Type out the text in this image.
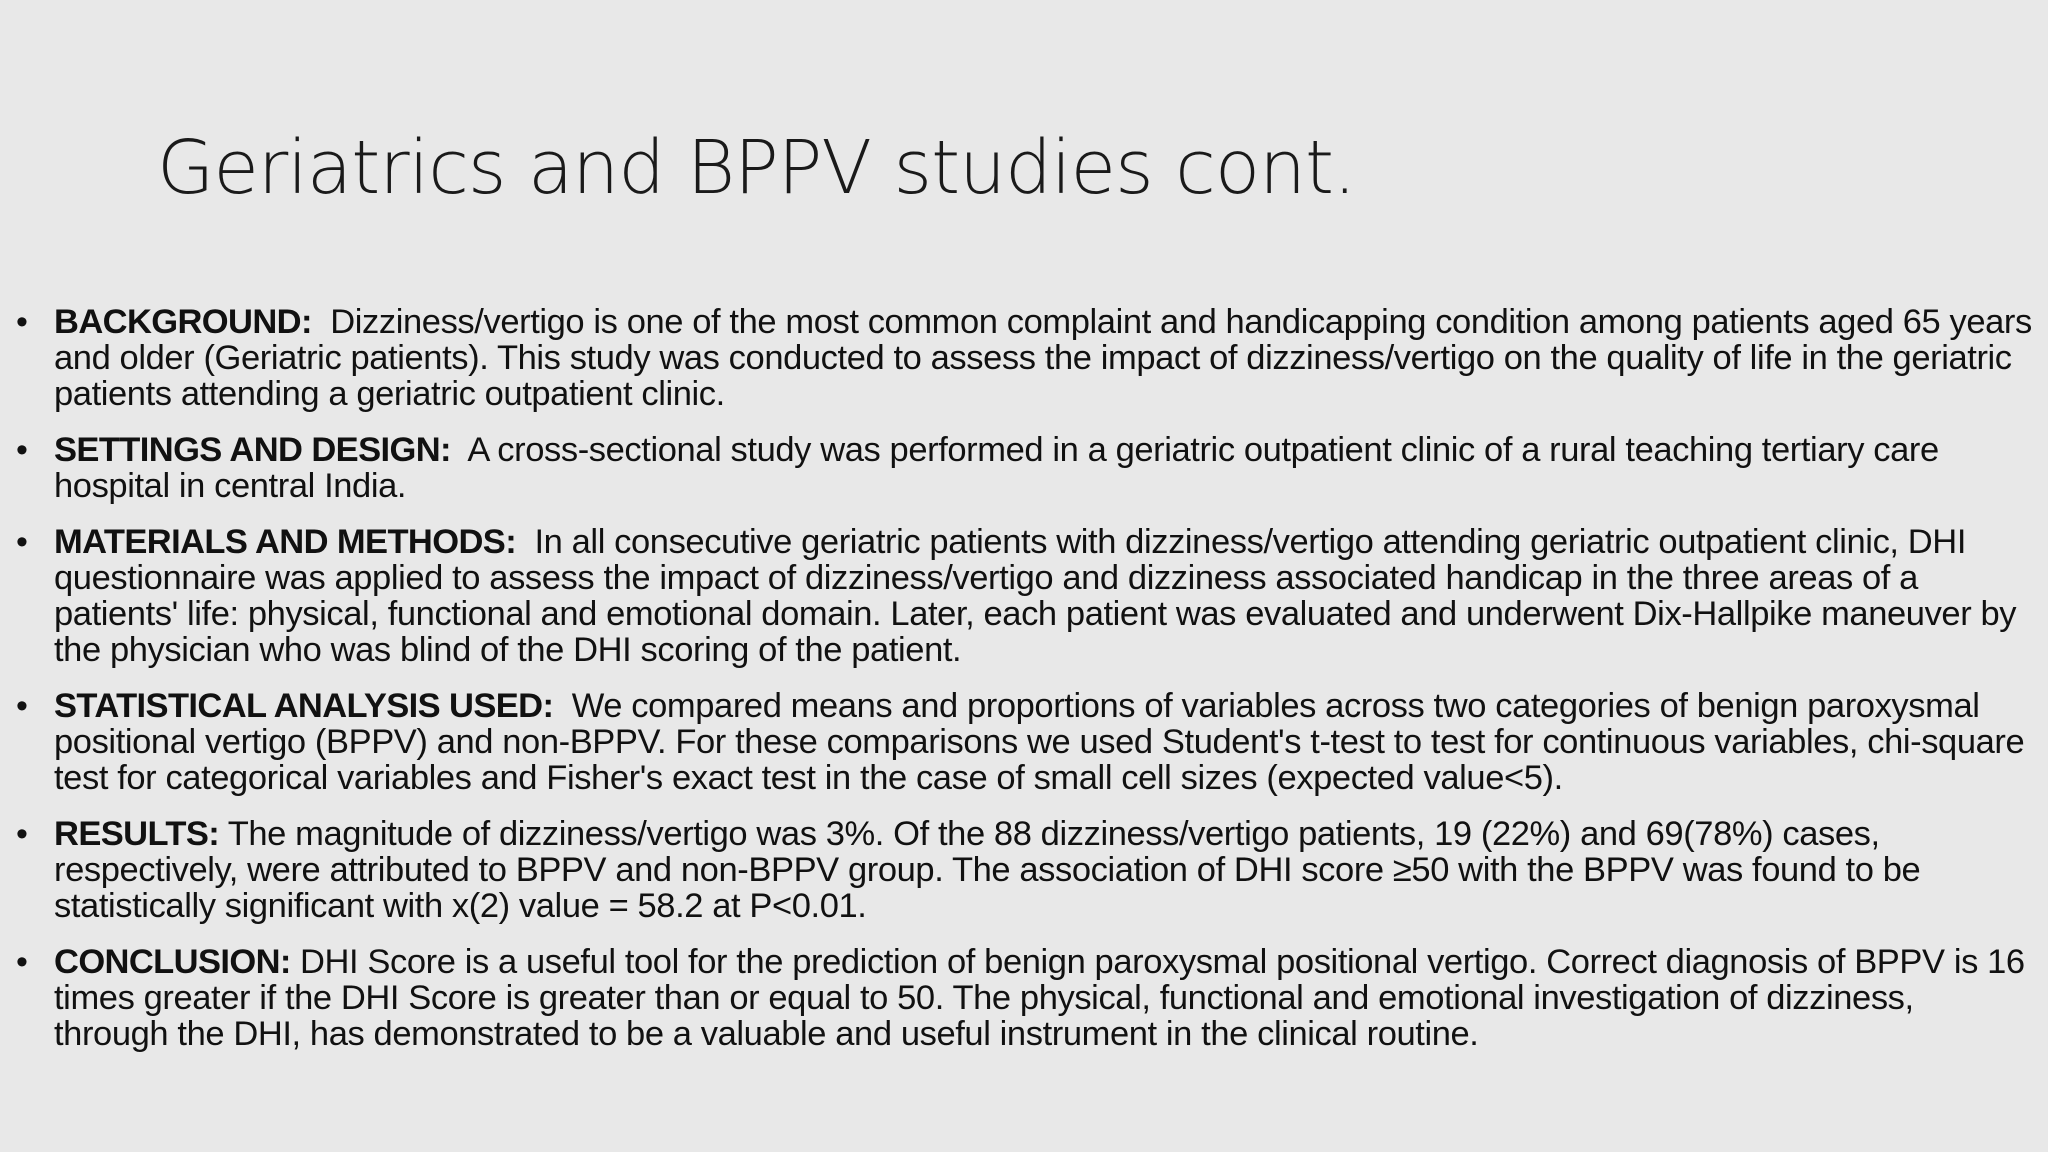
Geriatrics and BPPV studies cont.
• BACKGROUND: Dizziness/vertigo is one of the most common complaint and handicapping condition among patients aged 65 years and older (Geriatric patients). This study was conducted to assess the impact of dizziness/vertigo on the quality of life in the geriatric patients attending a geriatric outpatient clinic.
• SETTINGS AND DESIGN: A cross-sectional study was performed in a geriatric outpatient clinic of a rural teaching tertiary care hospital in central India.
• MATERIALS AND METHODS: In all consecutive geriatric patients with dizziness/vertigo attending geriatric outpatient clinic, DHI questionnaire was applied to assess the impact of dizziness/vertigo and dizziness associated handicap in the three areas of a patients' life: physical, functional and emotional domain. Later, each patient was evaluated and underwent Dix-Hallpike maneuver by the physician who was blind of the DHI scoring of the patient.
• STATISTICAL ANALYSIS USED: We compared means and proportions of variables across two categories of benign paroxysmal positional vertigo (BPPV) and non-BPPV. For these comparisons we used Student's t-test to test for continuous variables, chi-square test for categorical variables and Fisher's exact test in the case of small cell sizes (expected value<5).
• RESULTS: The magnitude of dizziness/vertigo was 3%. Of the 88 dizziness/vertigo patients, 19 (22%) and 69(78%) cases, respectively, were attributed to BPPV and non-BPPV group. The association of DHI score ≥50 with the BPPV was found to be statistically significant with x(2) value = 58.2 at P<0.01.
• CONCLUSION: DHI Score is a useful tool for the prediction of benign paroxysmal positional vertigo. Correct diagnosis of BPPV is 16 times greater if the DHI Score is greater than or equal to 50. The physical, functional and emotional investigation of dizziness, through the DHI, has demonstrated to be a valuable and useful instrument in the clinical routine.
